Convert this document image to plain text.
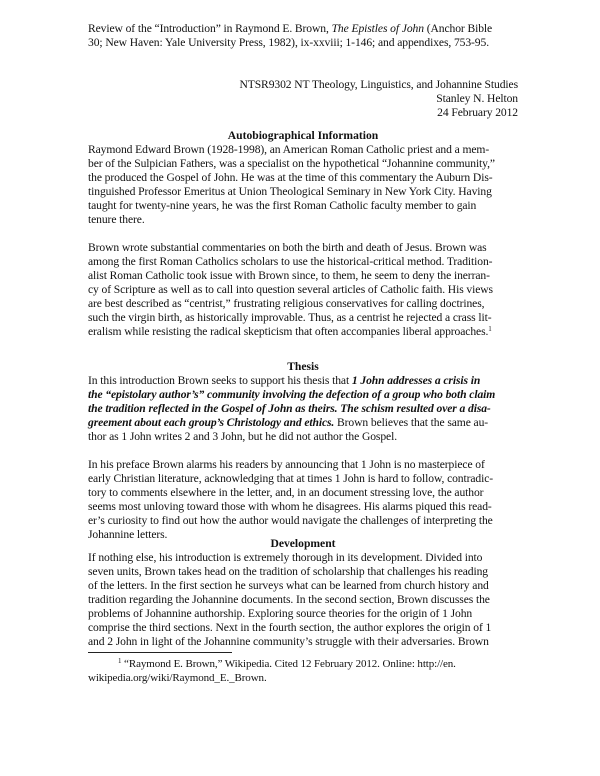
Review of the “Introduction” in Raymond E. Brown, The Epistles of John (Anchor Bible
30; New Haven: Yale University Press, 1982), ix-xxviii; 1-146; and appendixes, 753-95.
NTSR9302 NT Theology, Linguistics, and Johannine Studies
Stanley N. Helton
24 February 2012
Autobiographical Information
Raymond Edward Brown (1928-1998), an American Roman Catholic priest and a mem-
ber of the Sulpician Fathers, was a specialist on the hypothetical “Johannine community,”
the produced the Gospel of John. He was at the time of this commentary the Auburn Dis-
tinguished Professor Emeritus at Union Theological Seminary in New York City. Having
taught for twenty-nine years, he was the first Roman Catholic faculty member to gain
tenure there.
Brown wrote substantial commentaries on both the birth and death of Jesus. Brown was
among the first Roman Catholics scholars to use the historical-critical method. Tradition-
alist Roman Catholic took issue with Brown since, to them, he seem to deny the inerran-
cy of Scripture as well as to call into question several articles of Catholic faith. His views
are best described as “centrist,” frustrating religious conservatives for calling doctrines,
such the virgin birth, as historically improvable. Thus, as a centrist he rejected a crass lit-
eralism while resisting the radical skepticism that often accompanies liberal approaches.$^1$
Thesis
In this introduction Brown seeks to support his thesis that 1 John addresses a crisis in
the “epistolary author’s” community involving the defection of a group who both claim
the tradition reflected in the Gospel of John as theirs. The schism resulted over a disa-
greement about each group’s Christology and ethics. Brown believes that the same au-
thor as 1 John writes 2 and 3 John, but he did not author the Gospel.
In his preface Brown alarms his readers by announcing that 1 John is no masterpiece of
early Christian literature, acknowledging that at times 1 John is hard to follow, contradic-
tory to comments elsewhere in the letter, and, in an document stressing love, the author
seems most unloving toward those with whom he disagrees. His alarms piqued this read-
er’s curiosity to find out how the author would navigate the challenges of interpreting the
Johannine letters.
Development
If nothing else, his introduction is extremely thorough in its development. Divided into
seven units, Brown takes head on the tradition of scholarship that challenges his reading
of the letters. In the first section he surveys what can be learned from church history and
tradition regarding the Johannine documents. In the second section, Brown discusses the
problems of Johannine authorship. Exploring source theories for the origin of 1 John
comprise the third sections. Next in the fourth section, the author explores the origin of 1
and 2 John in light of the Johannine community’s struggle with their adversaries. Brown
$^1$ “Raymond E. Brown,” Wikipedia. Cited 12 February 2012. Online: http://en.
wikipedia.org/wiki/Raymond_E._Brown.
